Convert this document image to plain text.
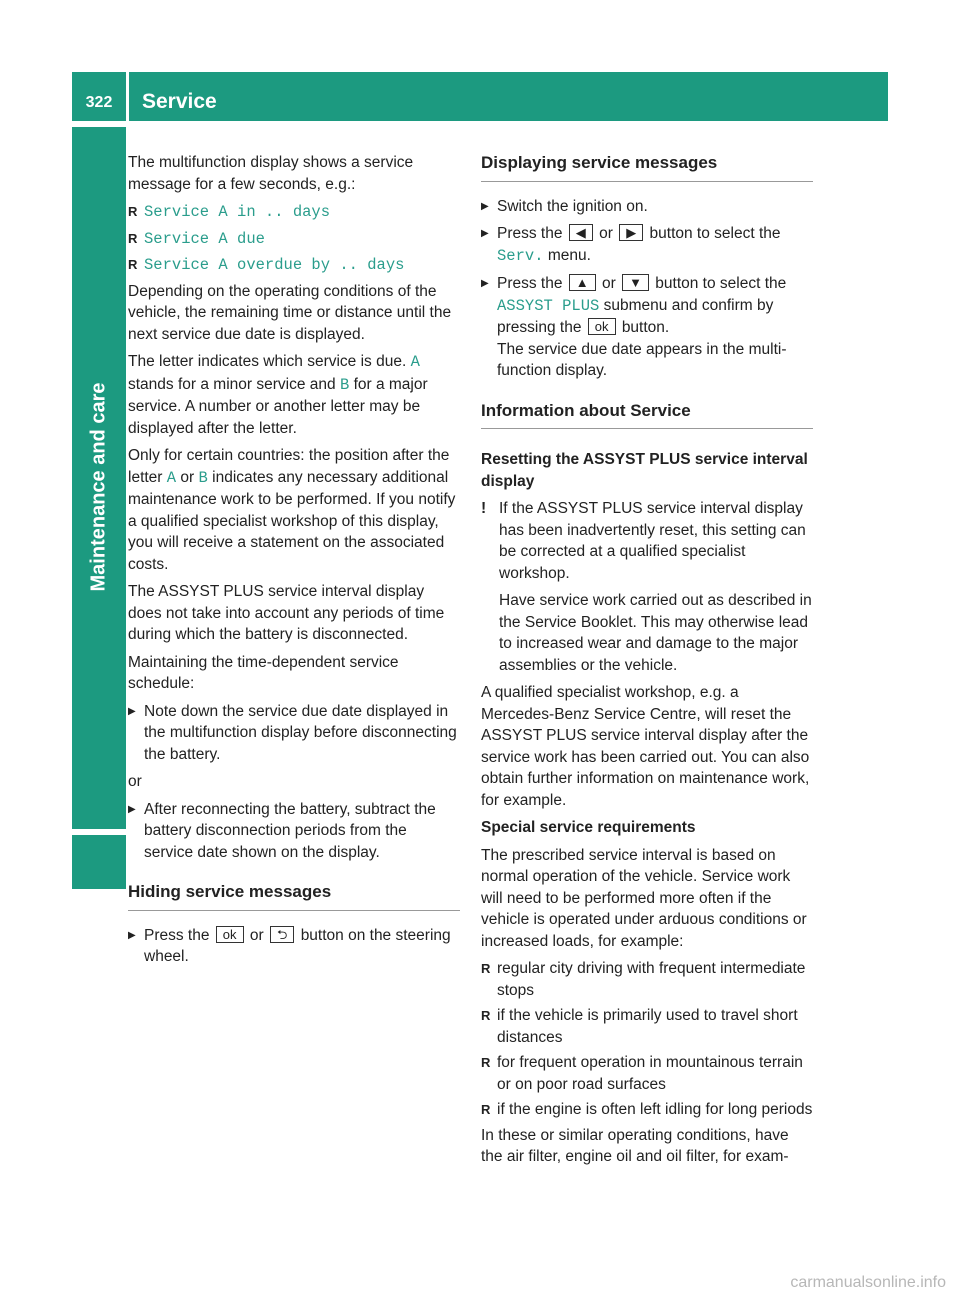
322	Service
Maintenance and care

The multifunction display shows a service message for a few seconds, e.g.:

R Service A in .. days
R Service A due
R Service A overdue by .. days

Depending on the operating conditions of the vehicle, the remaining time or distance until the next service due date is displayed.

The letter indicates which service is due. A stands for a minor service and B for a major service. A number or another letter may be displayed after the letter.

Only for certain countries: the position after the letter A or B indicates any necessary additional maintenance work to be performed. If you notify a qualified specialist workshop of this display, you will receive a statement on the associated costs.

The ASSYST PLUS service interval display does not take into account any periods of time during which the battery is disconnected.

Maintaining the time-dependent service schedule:

▶ Note down the service due date displayed in the multifunction display before disconnecting the battery.

or

▶ After reconnecting the battery, subtract the battery disconnection periods from the service date shown on the display.
Hiding service messages
▶ Press the ok or ⮌ button on the steering wheel.
Displaying service messages
▶ Switch the ignition on.
▶ Press the ◀ or ▶ button to select the Serv. menu.
▶ Press the ▲ or ▼ button to select the ASSYST PLUS submenu and confirm by pressing the ok button.
The service due date appears in the multi-function display.
Information about Service
Resetting the ASSYST PLUS service interval display
! If the ASSYST PLUS service interval display has been inadvertently reset, this setting can be corrected at a qualified specialist workshop.

Have service work carried out as described in the Service Booklet. This may otherwise lead to increased wear and damage to the major assemblies or the vehicle.

A qualified specialist workshop, e.g. a Mercedes-Benz Service Centre, will reset the ASSYST PLUS service interval display after the service work has been carried out. You can also obtain further information on maintenance work, for example.

Special service requirements

The prescribed service interval is based on normal operation of the vehicle. Service work will need to be performed more often if the vehicle is operated under arduous conditions or increased loads, for example:

R regular city driving with frequent intermediate stops
R if the vehicle is primarily used to travel short distances
R for frequent operation in mountainous terrain or on poor road surfaces
R if the engine is often left idling for long periods

In these or similar operating conditions, have the air filter, engine oil and oil filter, for exam-

carmanualsonline.info
